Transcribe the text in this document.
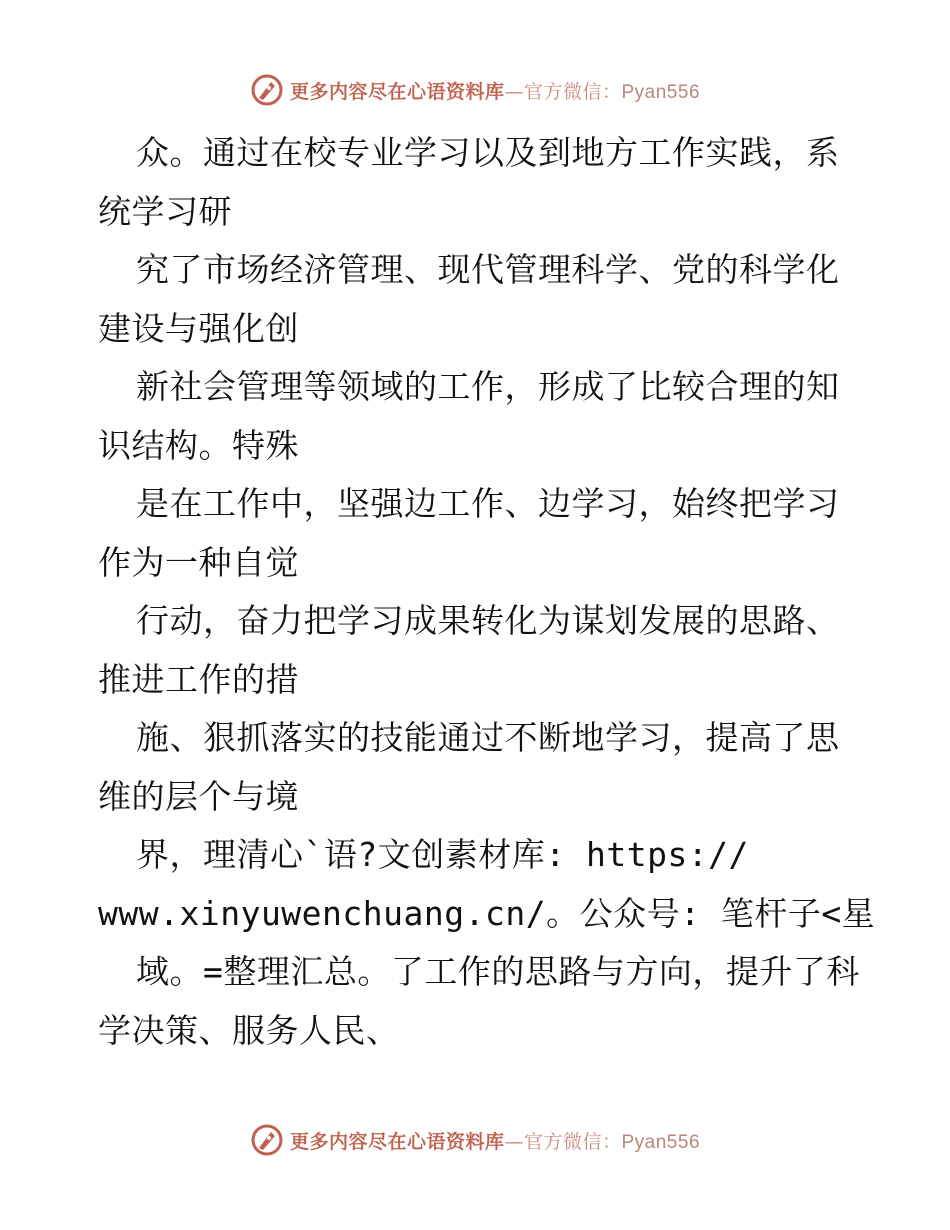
更多内容尽在心语资料库—官方微信：Pyan556
众。通过在校专业学习以及到地方工作实践，系
统学习研
究了市场经济管理、现代管理科学、党的科学化
建设与强化创
新社会管理等领域的工作，形成了比较合理的知
识结构。特殊
是在工作中，坚强边工作、边学习，始终把学习
作为一种自觉
行动，奋力把学习成果转化为谋划发展的思路、
推进工作的措
施、狠抓落实的技能通过不断地学习，提高了思
维的层个与境
界，理清心`语?文创素材库: https://
www.xinyuwenchuang.cn/。公众号: 笔杆子<星
域。=整理汇总。了工作的思路与方向，提升了科
学决策、服务人民、
更多内容尽在心语资料库—官方微信：Pyan556
